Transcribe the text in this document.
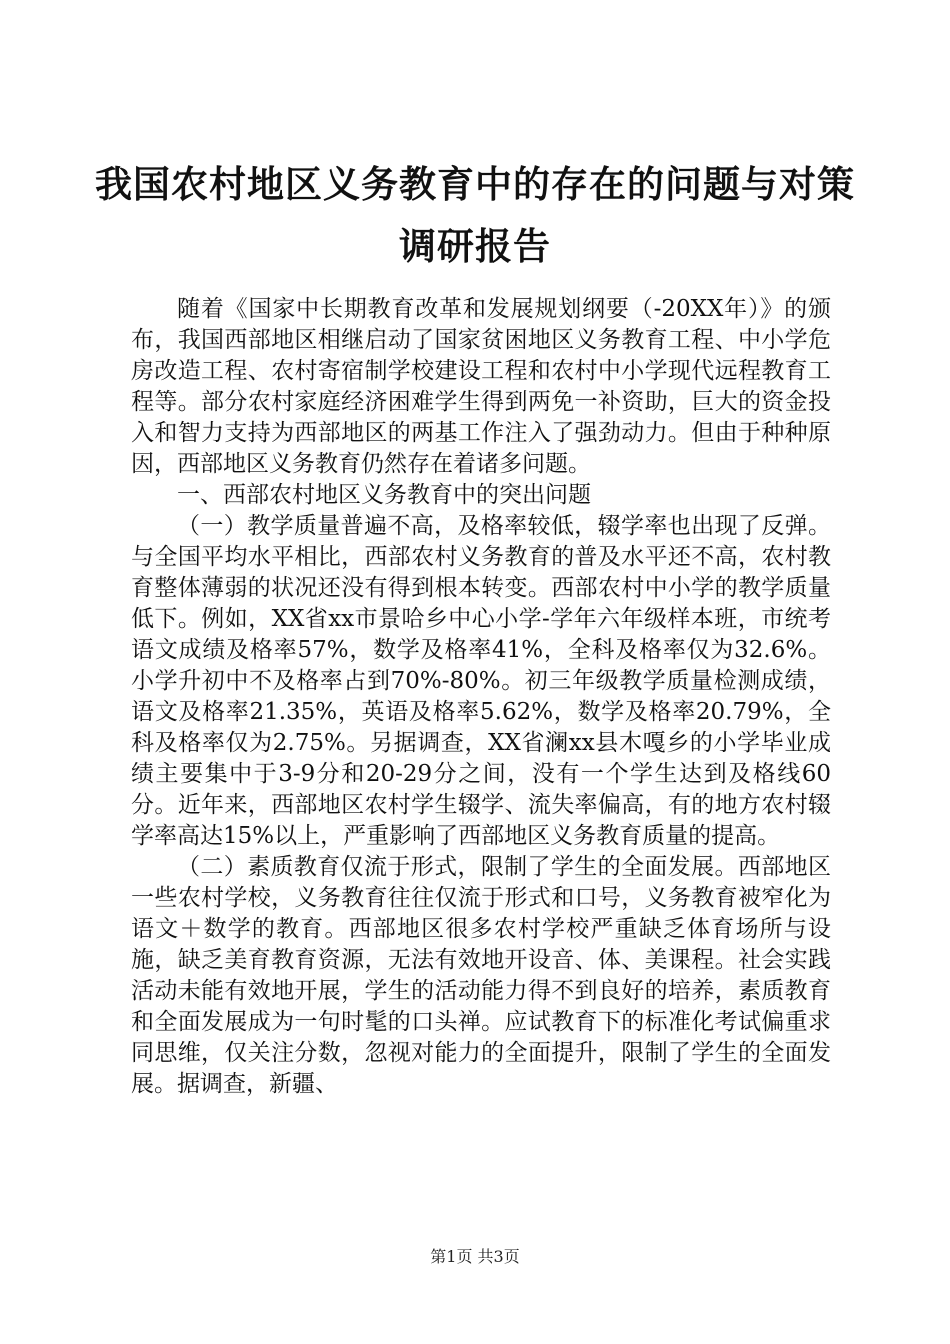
我国农村地区义务教育中的存在的问题与对策
调研报告

随着《国家中长期教育改革和发展规划纲要（-20XX年）》的颁布，我国西部地区相继启动了国家贫困地区义务教育工程、中小学危房改造工程、农村寄宿制学校建设工程和农村中小学现代远程教育工程等。部分农村家庭经济困难学生得到两免一补资助，巨大的资金投入和智力支持为西部地区的两基工作注入了强劲动力。但由于种种原因，西部地区义务教育仍然存在着诸多问题。

一、西部农村地区义务教育中的突出问题

（一）教学质量普遍不高，及格率较低，辍学率也出现了反弹。与全国平均水平相比，西部农村义务教育的普及水平还不高，农村教育整体薄弱的状况还没有得到根本转变。西部农村中小学的教学质量低下。例如，XX省xx市景哈乡中心小学-学年六年级样本班，市统考语文成绩及格率57%，数学及格率41%，全科及格率仅为32.6%。小学升初中不及格率占到70%-80%。初三年级教学质量检测成绩，语文及格率21.35%，英语及格率5.62%，数学及格率20.79%，全科及格率仅为2.75%。另据调查，XX省澜xx县木嘎乡的小学毕业成绩主要集中于3-9分和20-29分之间，没有一个学生达到及格线60分。近年来，西部地区农村学生辍学、流失率偏高，有的地方农村辍学率高达15%以上，严重影响了西部地区义务教育质量的提高。

（二）素质教育仅流于形式，限制了学生的全面发展。西部地区一些农村学校，义务教育往往仅流于形式和口号，义务教育被窄化为语文＋数学的教育。西部地区很多农村学校严重缺乏体育场所与设施，缺乏美育教育资源，无法有效地开设音、体、美课程。社会实践活动未能有效地开展，学生的活动能力得不到良好的培养，素质教育和全面发展成为一句时髦的口头禅。应试教育下的标准化考试偏重求同思维，仅关注分数，忽视对能力的全面提升，限制了学生的全面发展。据调查，新疆、

第1页 共3页
